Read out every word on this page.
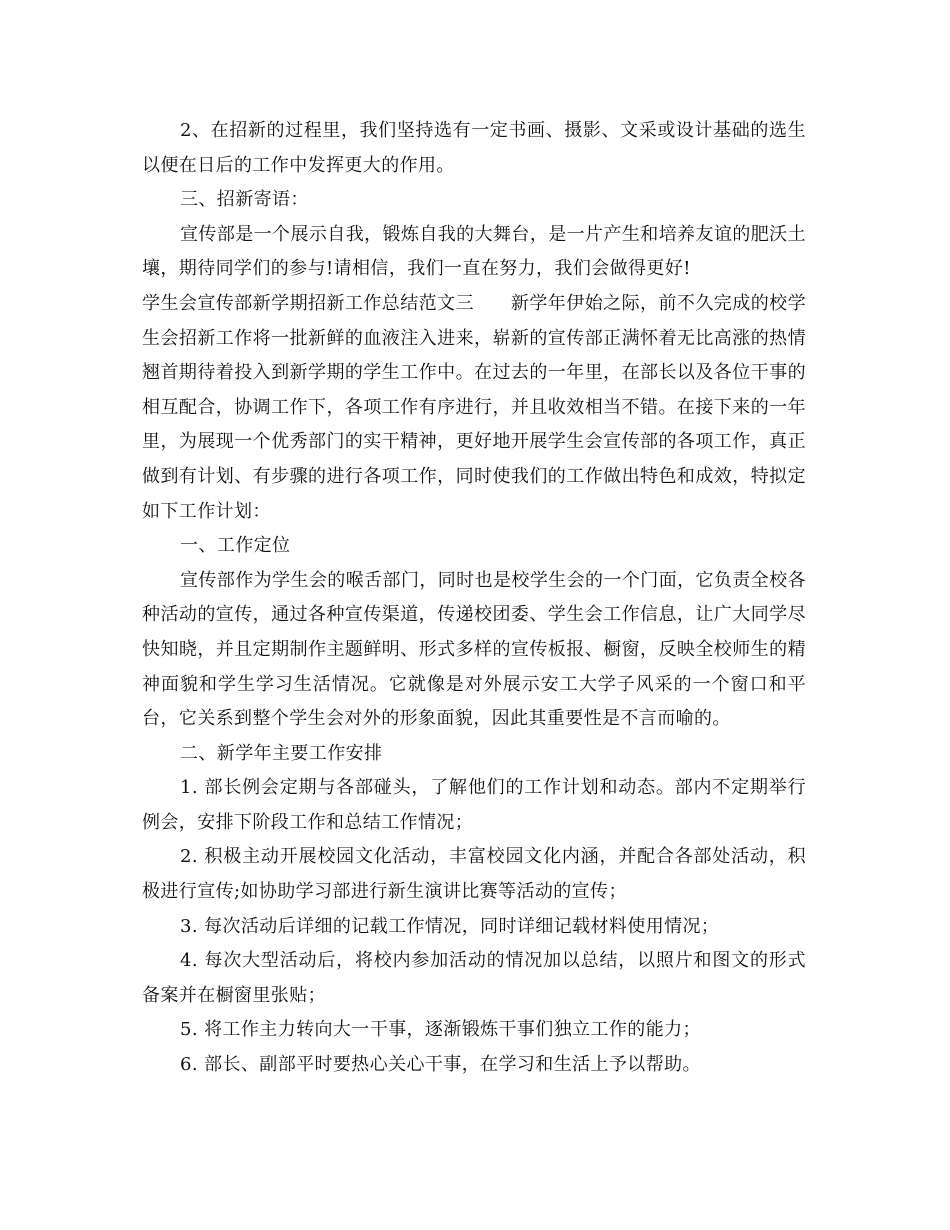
2、在招新的过程里，我们坚持选有一定书画、摄影、文采或设计基础的选生以便在日后的工作中发挥更大的作用。

三、招新寄语：

宣传部是一个展示自我，锻炼自我的大舞台，是一片产生和培养友谊的肥沃土壤，期待同学们的参与!请相信，我们一直在努力，我们会做得更好!

学生会宣传部新学期招新工作总结范文三　　新学年伊始之际，前不久完成的校学生会招新工作将一批新鲜的血液注入进来，崭新的宣传部正满怀着无比高涨的热情翘首期待着投入到新学期的学生工作中。在过去的一年里，在部长以及各位干事的相互配合，协调工作下，各项工作有序进行，并且收效相当不错。在接下来的一年里，为展现一个优秀部门的实干精神，更好地开展学生会宣传部的各项工作，真正做到有计划、有步骤的进行各项工作，同时使我们的工作做出特色和成效，特拟定如下工作计划：

一、工作定位

宣传部作为学生会的喉舌部门，同时也是校学生会的一个门面，它负责全校各种活动的宣传，通过各种宣传渠道，传递校团委、学生会工作信息，让广大同学尽快知晓，并且定期制作主题鲜明、形式多样的宣传板报、橱窗，反映全校师生的精神面貌和学生学习生活情况。它就像是对外展示安工大学子风采的一个窗口和平台，它关系到整个学生会对外的形象面貌，因此其重要性是不言而喻的。

二、新学年主要工作安排

1. 部长例会定期与各部碰头，了解他们的工作计划和动态。部内不定期举行例会，安排下阶段工作和总结工作情况；

2. 积极主动开展校园文化活动，丰富校园文化内涵，并配合各部处活动，积极进行宣传;如协助学习部进行新生演讲比赛等活动的宣传；

3. 每次活动后详细的记载工作情况，同时详细记载材料使用情况；

4. 每次大型活动后，将校内参加活动的情况加以总结，以照片和图文的形式备案并在橱窗里张贴；

5. 将工作主力转向大一干事，逐渐锻炼干事们独立工作的能力；

6. 部长、副部平时要热心关心干事，在学习和生活上予以帮助。
